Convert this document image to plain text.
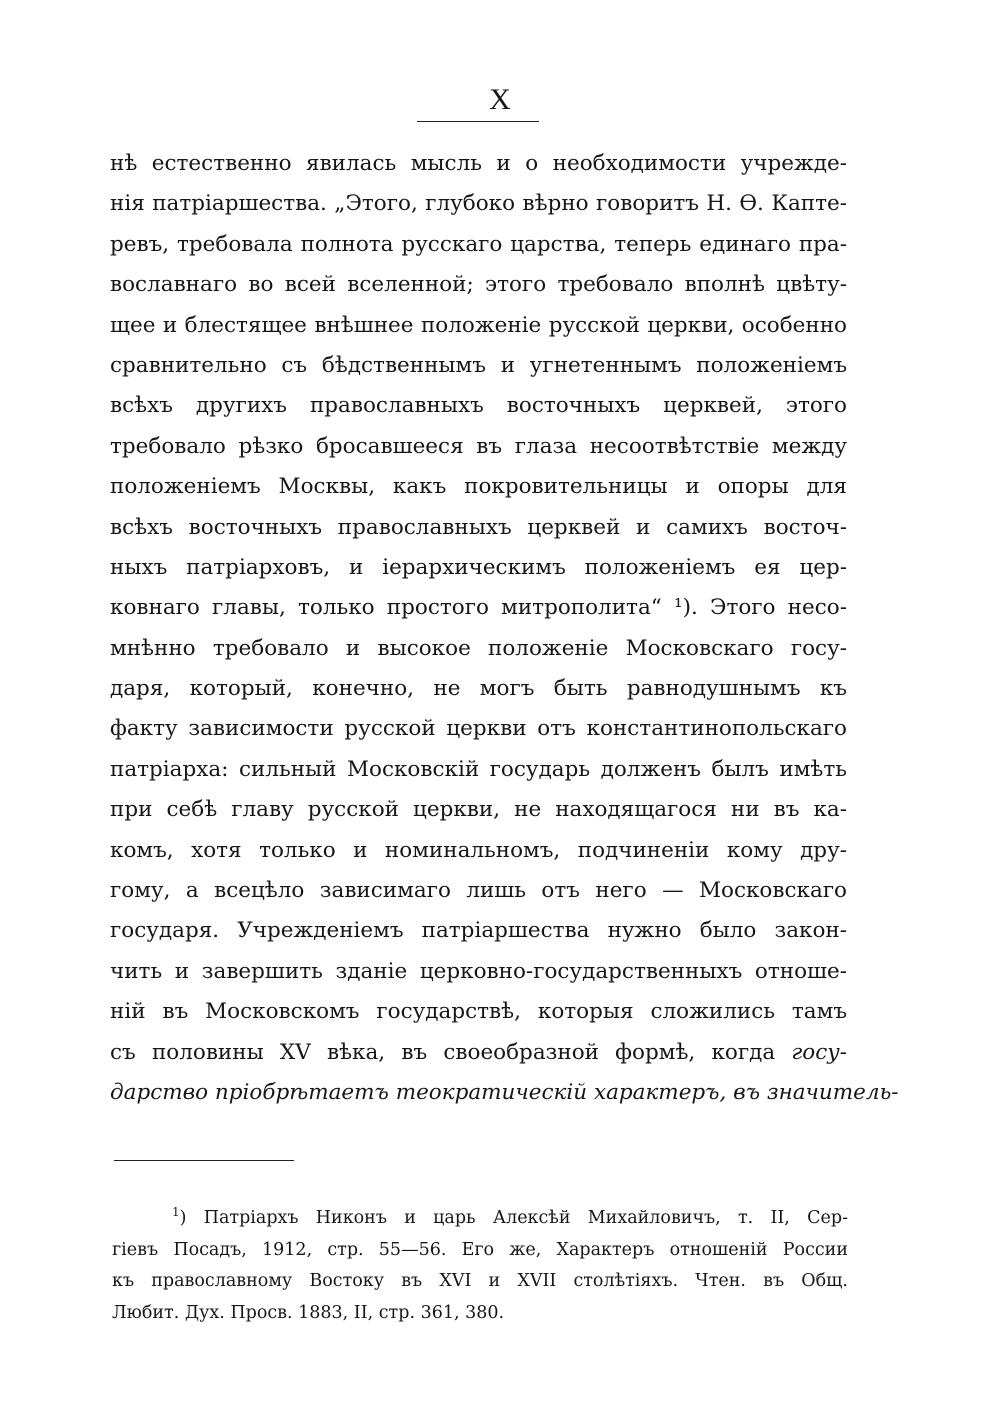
X
нѣ естественно явилась мысль и о необходимости учрежде-
нія патріаршества. „Этого, глубоко вѣрно говоритъ Н. Ѳ. Капте-
ревъ, требовала полнота русскаго царства, теперь единаго пра-
вославнаго во всей вселенной; этого требовало вполнѣ цвѣту-
щее и блестящее внѣшнее положеніе русской церкви, особенно
сравнительно съ бѣдственнымъ и угнетеннымъ положеніемъ
всѣхъ другихъ православныхъ восточныхъ церквей, этого
требовало рѣзко бросавшееся въ глаза несоотвѣтствіе между
положеніемъ Москвы, какъ покровительницы и опоры для
всѣхъ восточныхъ православныхъ церквей и самихъ восточ-
ныхъ патріарховъ, и іерархическимъ положеніемъ ея цер-
ковнаго главы, только простого митрополита“ ¹). Этого несо-
мнѣнно требовало и высокое положеніе Московскаго госу-
даря, который, конечно, не могъ быть равнодушнымъ къ
факту зависимости русской церкви отъ константинопольскаго
патріарха: сильный Московскій государь долженъ былъ имѣть
при себѣ главу русской церкви, не находящагося ни въ ка-
комъ, хотя только и номинальномъ, подчиненіи кому дру-
гому, а всецѣло зависимаго лишь отъ него — Московскаго
государя. Учрежденіемъ патріаршества нужно было закон-
чить и завершить зданіе церковно-государственныхъ отноше-
ній въ Московскомъ государствѣ, которыя сложились тамъ
съ половины XV вѣка, въ своеобразной формѣ, когда госу-
дарство пріобрѣтаетъ теократическій характеръ, въ значитель-
$^1$) Патріархъ Никонъ и царь Алексѣй Михайловичъ, т. II, Сер-
гіевъ Посадъ, 1912, стр. 55—56. Его же, Характеръ отношеній России
къ православному Востоку въ XVI и XVII столѣтіяхъ. Чтен. въ Общ.
Любит. Дух. Просв. 1883, II, стр. 361, 380.
